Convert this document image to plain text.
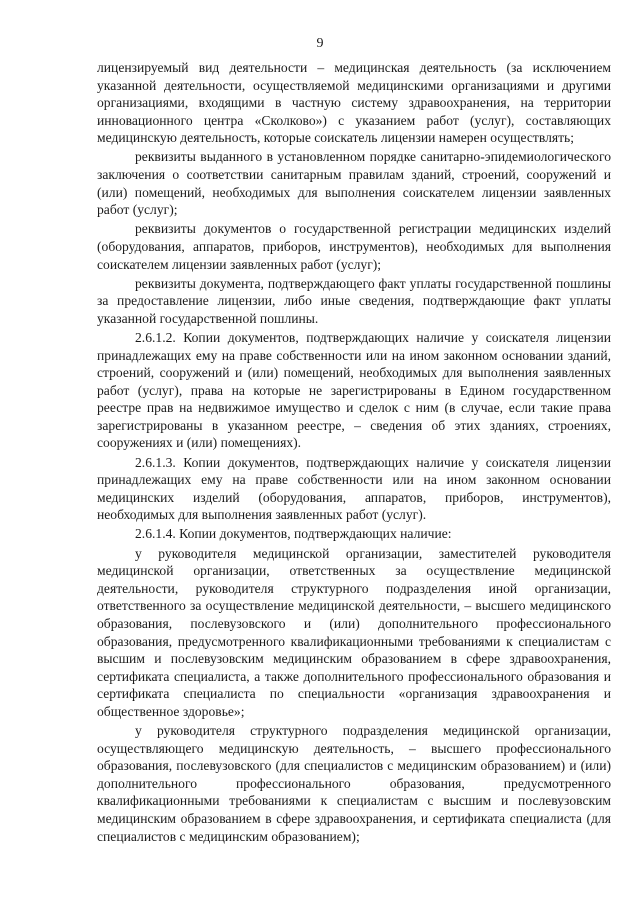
9

лицензируемый вид деятельности – медицинская деятельность (за исключением указанной деятельности, осуществляемой медицинскими организациями и другими организациями, входящими в частную систему здравоохранения, на территории инновационного центра «Сколково») с указанием работ (услуг), составляющих медицинскую деятельность, которые соискатель лицензии намерен осуществлять;

реквизиты выданного в установленном порядке санитарно-эпидемиологического заключения о соответствии санитарным правилам зданий, строений, сооружений и (или) помещений, необходимых для выполнения соискателем лицензии заявленных работ (услуг);

реквизиты документов о государственной регистрации медицинских изделий (оборудования, аппаратов, приборов, инструментов), необходимых для выполнения соискателем лицензии заявленных работ (услуг);

реквизиты документа, подтверждающего факт уплаты государственной пошлины за предоставление лицензии, либо иные сведения, подтверждающие факт уплаты указанной государственной пошлины.

2.6.1.2. Копии документов, подтверждающих наличие у соискателя лицензии принадлежащих ему на праве собственности или на ином законном основании зданий, строений, сооружений и (или) помещений, необходимых для выполнения заявленных работ (услуг), права на которые не зарегистрированы в Едином государственном реестре прав на недвижимое имущество и сделок с ним (в случае, если такие права зарегистрированы в указанном реестре, – сведения об этих зданиях, строениях, сооружениях и (или) помещениях).

2.6.1.3. Копии документов, подтверждающих наличие у соискателя лицензии принадлежащих ему на праве собственности или на ином законном основании медицинских изделий (оборудования, аппаратов, приборов, инструментов), необходимых для выполнения заявленных работ (услуг).

2.6.1.4. Копии документов, подтверждающих наличие:

у руководителя медицинской организации, заместителей руководителя медицинской организации, ответственных за осуществление медицинской деятельности, руководителя структурного подразделения иной организации, ответственного за осуществление медицинской деятельности, – высшего медицинского образования, послевузовского и (или) дополнительного профессионального образования, предусмотренного квалификационными требованиями к специалистам с высшим и послевузовским медицинским образованием в сфере здравоохранения, сертификата специалиста, а также дополнительного профессионального образования и сертификата специалиста по специальности «организация здравоохранения и общественное здоровье»;

у руководителя структурного подразделения медицинской организации, осуществляющего медицинскую деятельность, – высшего профессионального образования, послевузовского (для специалистов с медицинским образованием) и (или) дополнительного профессионального образования, предусмотренного квалификационными требованиями к специалистам с высшим и послевузовским медицинским образованием в сфере здравоохранения, и сертификата специалиста (для специалистов с медицинским образованием);
